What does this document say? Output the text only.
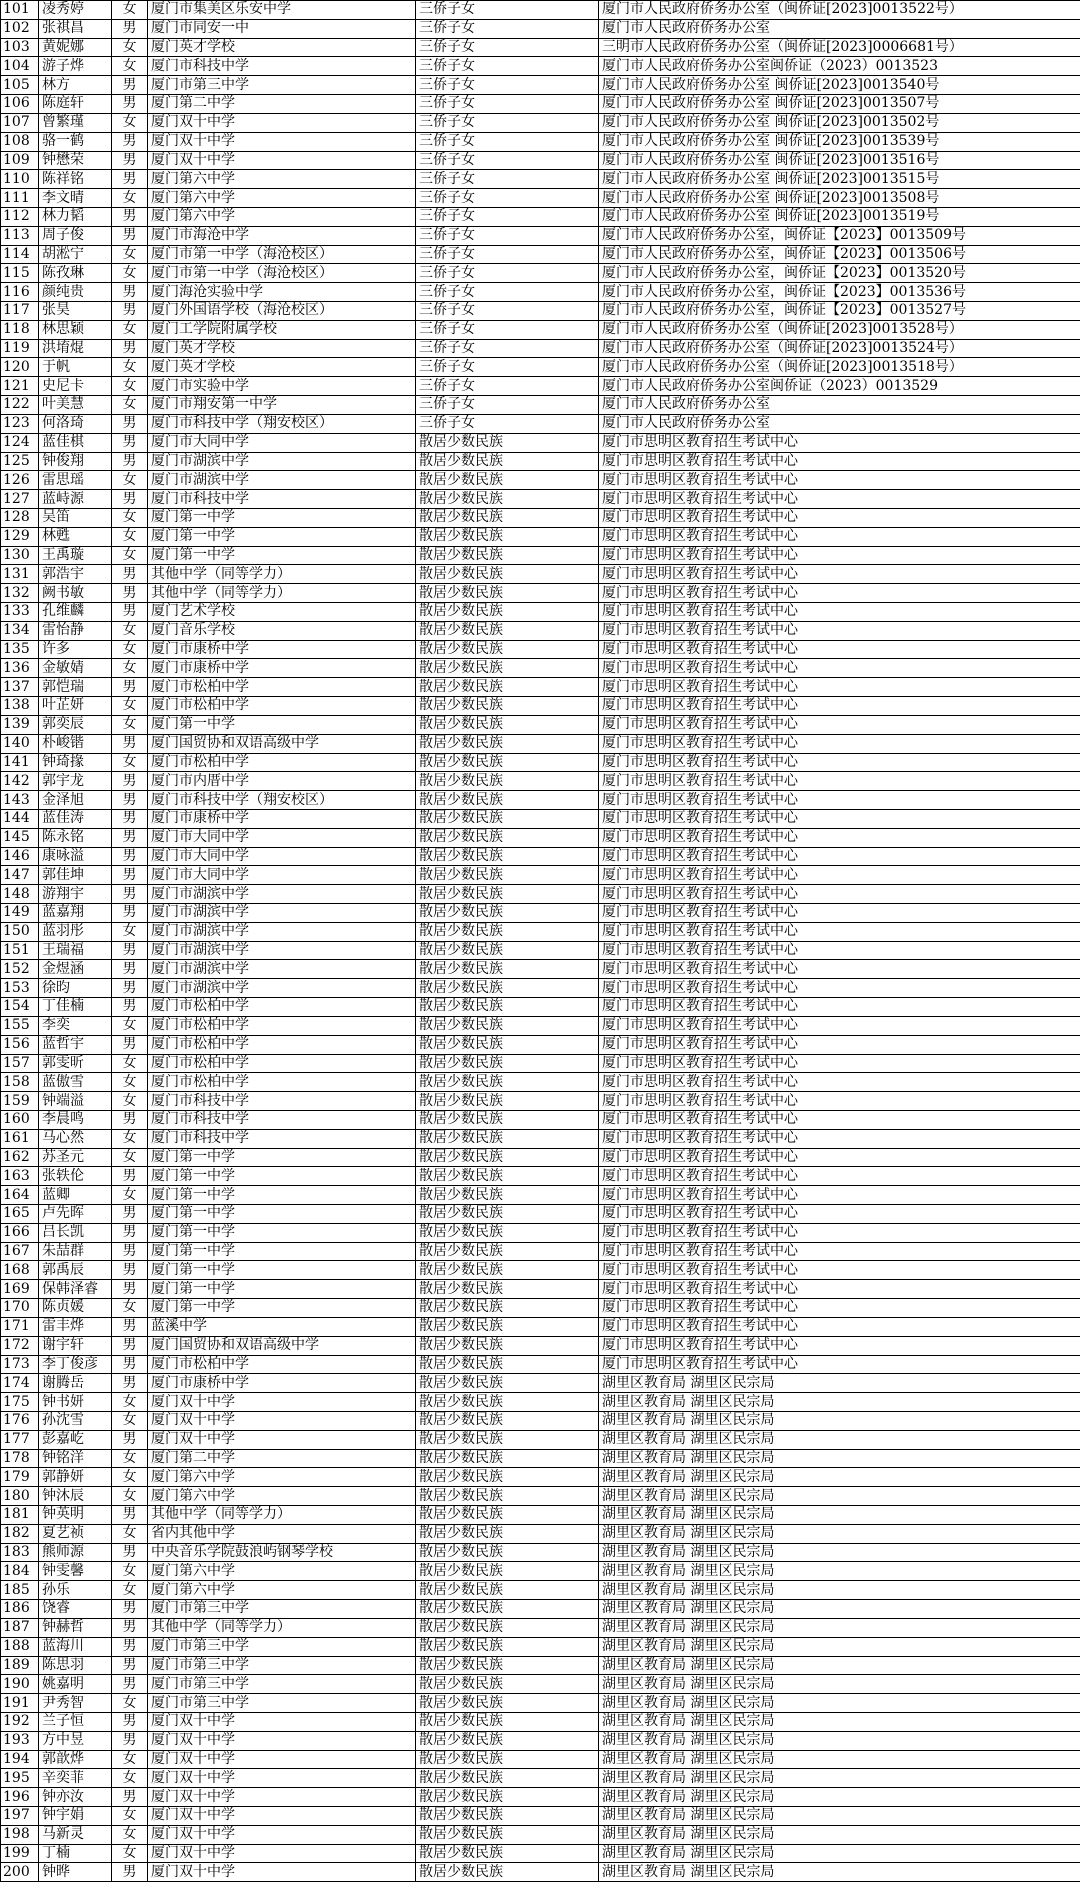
101	凌秀婷	女	厦门市集美区乐安中学	三侨子女	厦门市人民政府侨务办公室（闽侨证[2023]0013522号）
102	张祺昌	男	厦门市同安一中	三侨子女	厦门市人民政府侨务办公室
103	黄妮娜	女	厦门英才学校	三侨子女	三明市人民政府侨务办公室（闽侨证[2023]0006681号）
104	游子烨	女	厦门市科技中学	三侨子女	厦门市人民政府侨务办公室闽侨证（2023）0013523
105	林方	男	厦门市第三中学	三侨子女	厦门市人民政府侨务办公室 闽侨证[2023]0013540号
106	陈庭轩	男	厦门第二中学	三侨子女	厦门市人民政府侨务办公室 闽侨证[2023]0013507号
107	曾繁瑾	女	厦门双十中学	三侨子女	厦门市人民政府侨务办公室 闽侨证[2023]0013502号
108	骆一鹤	男	厦门双十中学	三侨子女	厦门市人民政府侨务办公室 闽侨证[2023]0013539号
109	钟懋荣	男	厦门双十中学	三侨子女	厦门市人民政府侨务办公室 闽侨证[2023]0013516号
110	陈祥铭	男	厦门第六中学	三侨子女	厦门市人民政府侨务办公室 闽侨证[2023]0013515号
111	李文晴	女	厦门第六中学	三侨子女	厦门市人民政府侨务办公室 闽侨证[2023]0013508号
112	林力韬	男	厦门第六中学	三侨子女	厦门市人民政府侨务办公室 闽侨证[2023]0013519号
113	周子俊	男	厦门市海沧中学	三侨子女	厦门市人民政府侨务办公室，闽侨证【2023】0013509号
114	胡淞宁	女	厦门市第一中学（海沧校区）	三侨子女	厦门市人民政府侨务办公室，闽侨证【2023】0013506号
115	陈孜琳	女	厦门市第一中学（海沧校区）	三侨子女	厦门市人民政府侨务办公室，闽侨证【2023】0013520号
116	颜纯贵	男	厦门海沧实验中学	三侨子女	厦门市人民政府侨务办公室，闽侨证【2023】0013536号
117	张昊	男	厦门外国语学校（海沧校区）	三侨子女	厦门市人民政府侨务办公室，闽侨证【2023】0013527号
118	林思颖	女	厦门工学院附属学校	三侨子女	厦门市人民政府侨务办公室（闽侨证[2023]0013528号）
119	洪堉焜	男	厦门英才学校	三侨子女	厦门市人民政府侨务办公室（闽侨证[2023]0013524号）
120	于帆	女	厦门英才学校	三侨子女	厦门市人民政府侨务办公室（闽侨证[2023]0013518号）
121	史尼卡	女	厦门市实验中学	三侨子女	厦门市人民政府侨务办公室闽侨证（2023）0013529
122	叶美慧	女	厦门市翔安第一中学	三侨子女	厦门市人民政府侨务办公室
123	何洛琦	男	厦门市科技中学（翔安校区）	三侨子女	厦门市人民政府侨务办公室
124	蓝佳棋	男	厦门市大同中学	散居少数民族	厦门市思明区教育招生考试中心
125	钟俊翔	男	厦门市湖滨中学	散居少数民族	厦门市思明区教育招生考试中心
126	雷思瑶	女	厦门市湖滨中学	散居少数民族	厦门市思明区教育招生考试中心
127	蓝峙源	男	厦门市科技中学	散居少数民族	厦门市思明区教育招生考试中心
128	吴笛	女	厦门第一中学	散居少数民族	厦门市思明区教育招生考试中心
129	林甦	女	厦门第一中学	散居少数民族	厦门市思明区教育招生考试中心
130	王禹璇	女	厦门第一中学	散居少数民族	厦门市思明区教育招生考试中心
131	郭浩宇	男	其他中学（同等学力）	散居少数民族	厦门市思明区教育招生考试中心
132	阙书敏	男	其他中学（同等学力）	散居少数民族	厦门市思明区教育招生考试中心
133	孔维麟	男	厦门艺术学校	散居少数民族	厦门市思明区教育招生考试中心
134	雷怡静	女	厦门音乐学校	散居少数民族	厦门市思明区教育招生考试中心
135	许多	女	厦门市康桥中学	散居少数民族	厦门市思明区教育招生考试中心
136	金敏婧	女	厦门市康桥中学	散居少数民族	厦门市思明区教育招生考试中心
137	郭恺瑞	男	厦门市松柏中学	散居少数民族	厦门市思明区教育招生考试中心
138	叶芷妍	女	厦门市松柏中学	散居少数民族	厦门市思明区教育招生考试中心
139	郭奕辰	女	厦门第一中学	散居少数民族	厦门市思明区教育招生考试中心
140	朴峻锴	男	厦门国贸协和双语高级中学	散居少数民族	厦门市思明区教育招生考试中心
141	钟琦掾	女	厦门市松柏中学	散居少数民族	厦门市思明区教育招生考试中心
142	郭宇龙	男	厦门市内厝中学	散居少数民族	厦门市思明区教育招生考试中心
143	金泽旭	男	厦门市科技中学（翔安校区）	散居少数民族	厦门市思明区教育招生考试中心
144	蓝佳涛	男	厦门市康桥中学	散居少数民族	厦门市思明区教育招生考试中心
145	陈永铭	男	厦门市大同中学	散居少数民族	厦门市思明区教育招生考试中心
146	康咏溢	男	厦门市大同中学	散居少数民族	厦门市思明区教育招生考试中心
147	郭佳坤	男	厦门市大同中学	散居少数民族	厦门市思明区教育招生考试中心
148	游翔宇	男	厦门市湖滨中学	散居少数民族	厦门市思明区教育招生考试中心
149	蓝嘉翔	男	厦门市湖滨中学	散居少数民族	厦门市思明区教育招生考试中心
150	蓝羽彤	女	厦门市湖滨中学	散居少数民族	厦门市思明区教育招生考试中心
151	王瑞福	男	厦门市湖滨中学	散居少数民族	厦门市思明区教育招生考试中心
152	金煜涵	男	厦门市湖滨中学	散居少数民族	厦门市思明区教育招生考试中心
153	徐昀	男	厦门市湖滨中学	散居少数民族	厦门市思明区教育招生考试中心
154	丁佳楠	男	厦门市松柏中学	散居少数民族	厦门市思明区教育招生考试中心
155	李奕	女	厦门市松柏中学	散居少数民族	厦门市思明区教育招生考试中心
156	蓝哲宇	男	厦门市松柏中学	散居少数民族	厦门市思明区教育招生考试中心
157	郭雯昕	女	厦门市松柏中学	散居少数民族	厦门市思明区教育招生考试中心
158	蓝傲雪	女	厦门市松柏中学	散居少数民族	厦门市思明区教育招生考试中心
159	钟端溢	女	厦门市科技中学	散居少数民族	厦门市思明区教育招生考试中心
160	李晨鸣	男	厦门市科技中学	散居少数民族	厦门市思明区教育招生考试中心
161	马心然	女	厦门市科技中学	散居少数民族	厦门市思明区教育招生考试中心
162	苏圣元	女	厦门第一中学	散居少数民族	厦门市思明区教育招生考试中心
163	张轶伦	男	厦门第一中学	散居少数民族	厦门市思明区教育招生考试中心
164	蓝卿	女	厦门第一中学	散居少数民族	厦门市思明区教育招生考试中心
165	卢先晖	男	厦门第一中学	散居少数民族	厦门市思明区教育招生考试中心
166	吕长凯	男	厦门第一中学	散居少数民族	厦门市思明区教育招生考试中心
167	朱喆群	男	厦门第一中学	散居少数民族	厦门市思明区教育招生考试中心
168	郭禹辰	男	厦门第一中学	散居少数民族	厦门市思明区教育招生考试中心
169	保韩泽睿	男	厦门第一中学	散居少数民族	厦门市思明区教育招生考试中心
170	陈贞媛	女	厦门第一中学	散居少数民族	厦门市思明区教育招生考试中心
171	雷丰烨	男	蓝溪中学	散居少数民族	厦门市思明区教育招生考试中心
172	谢宇轩	男	厦门国贸协和双语高级中学	散居少数民族	厦门市思明区教育招生考试中心
173	李丁俊彦	男	厦门市松柏中学	散居少数民族	厦门市思明区教育招生考试中心
174	谢腾岳	男	厦门市康桥中学	散居少数民族	湖里区教育局 湖里区民宗局
175	钟书妍	女	厦门双十中学	散居少数民族	湖里区教育局 湖里区民宗局
176	孙沈雪	女	厦门双十中学	散居少数民族	湖里区教育局 湖里区民宗局
177	彭嘉屹	男	厦门双十中学	散居少数民族	湖里区教育局 湖里区民宗局
178	钟铭洋	女	厦门第二中学	散居少数民族	湖里区教育局 湖里区民宗局
179	郭静妍	女	厦门第六中学	散居少数民族	湖里区教育局 湖里区民宗局
180	钟沐辰	女	厦门第六中学	散居少数民族	湖里区教育局 湖里区民宗局
181	钟英明	男	其他中学（同等学力）	散居少数民族	湖里区教育局 湖里区民宗局
182	夏艺祯	女	省内其他中学	散居少数民族	湖里区教育局 湖里区民宗局
183	熊师源	男	中央音乐学院鼓浪屿钢琴学校	散居少数民族	湖里区教育局 湖里区民宗局
184	钟雯馨	女	厦门第六中学	散居少数民族	湖里区教育局 湖里区民宗局
185	孙乐	女	厦门第六中学	散居少数民族	湖里区教育局 湖里区民宗局
186	饶睿	男	厦门市第三中学	散居少数民族	湖里区教育局 湖里区民宗局
187	钟赫哲	男	其他中学（同等学力）	散居少数民族	湖里区教育局 湖里区民宗局
188	蓝海川	男	厦门市第三中学	散居少数民族	湖里区教育局 湖里区民宗局
189	陈思羽	男	厦门市第三中学	散居少数民族	湖里区教育局 湖里区民宗局
190	姚嘉明	男	厦门市第三中学	散居少数民族	湖里区教育局 湖里区民宗局
191	尹秀智	女	厦门市第三中学	散居少数民族	湖里区教育局 湖里区民宗局
192	兰子恒	男	厦门双十中学	散居少数民族	湖里区教育局 湖里区民宗局
193	方中昱	男	厦门双十中学	散居少数民族	湖里区教育局 湖里区民宗局
194	郭歆烨	女	厦门双十中学	散居少数民族	湖里区教育局 湖里区民宗局
195	辛奕菲	女	厦门双十中学	散居少数民族	湖里区教育局 湖里区民宗局
196	钟亦汝	男	厦门双十中学	散居少数民族	湖里区教育局 湖里区民宗局
197	钟宇娟	女	厦门双十中学	散居少数民族	湖里区教育局 湖里区民宗局
198	马新灵	女	厦门双十中学	散居少数民族	湖里区教育局 湖里区民宗局
199	丁楠	女	厦门双十中学	散居少数民族	湖里区教育局 湖里区民宗局
200	钟晔	男	厦门双十中学	散居少数民族	湖里区教育局 湖里区民宗局
